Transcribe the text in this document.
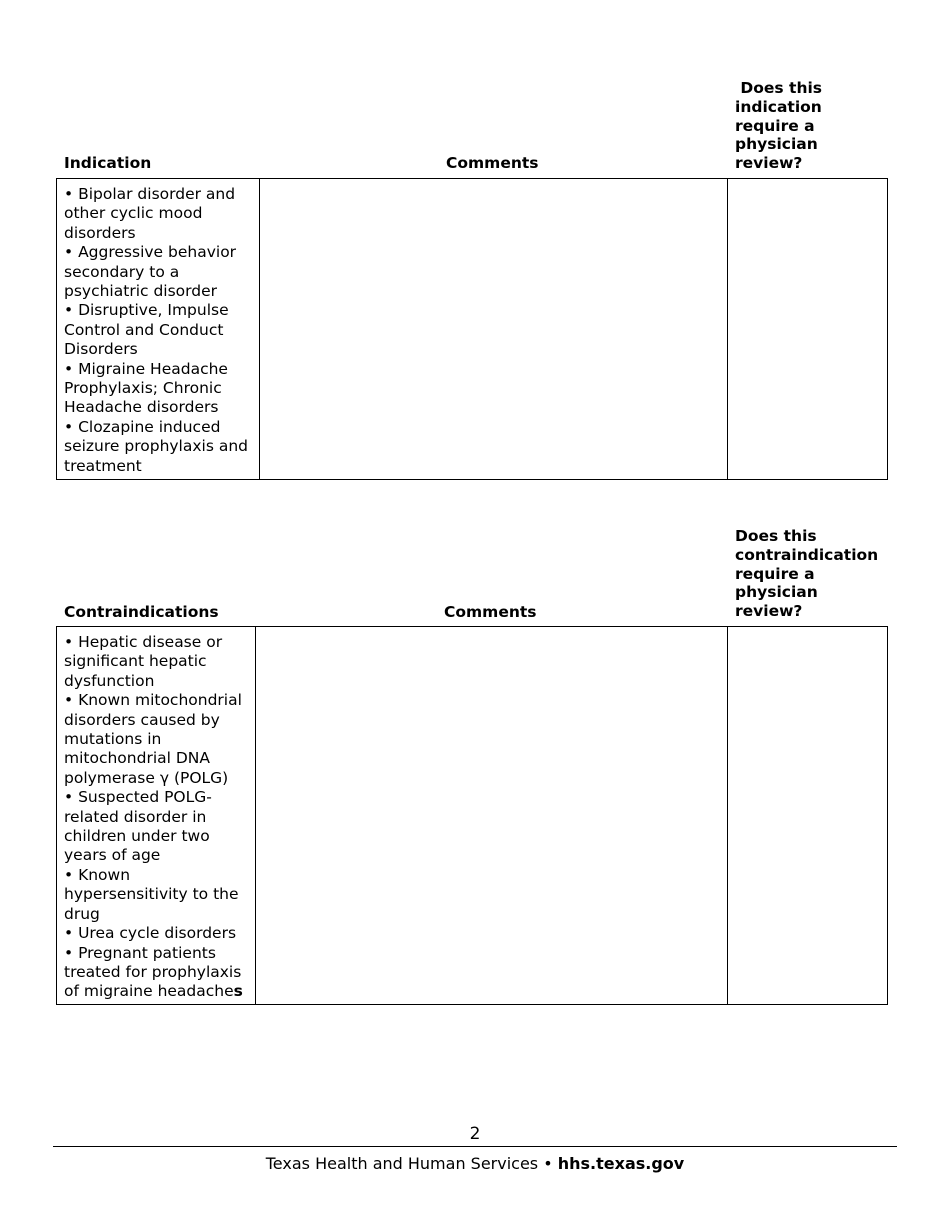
Indication	Comments
Does this
indication
require a
physician
review?
• Bipolar disorder and
other cyclic mood
disorders
• Aggressive behavior
secondary to a
psychiatric disorder
• Disruptive, Impulse
Control and Conduct
Disorders
• Migraine Headache
Prophylaxis; Chronic
Headache disorders
• Clozapine induced
seizure prophylaxis and
treatment
Contraindications	Comments
Does this
contraindication
require a
physician
review?
• Hepatic disease or
significant hepatic
dysfunction
• Known mitochondrial
disorders caused by
mutations in
mitochondrial DNA
polymerase γ (POLG)
• Suspected POLG-
related disorder in
children under two
years of age
• Known
hypersensitivity to the
drug
• Urea cycle disorders
• Pregnant patients
treated for prophylaxis
of migraine headaches
2
Texas Health and Human Services • hhs.texas.gov
